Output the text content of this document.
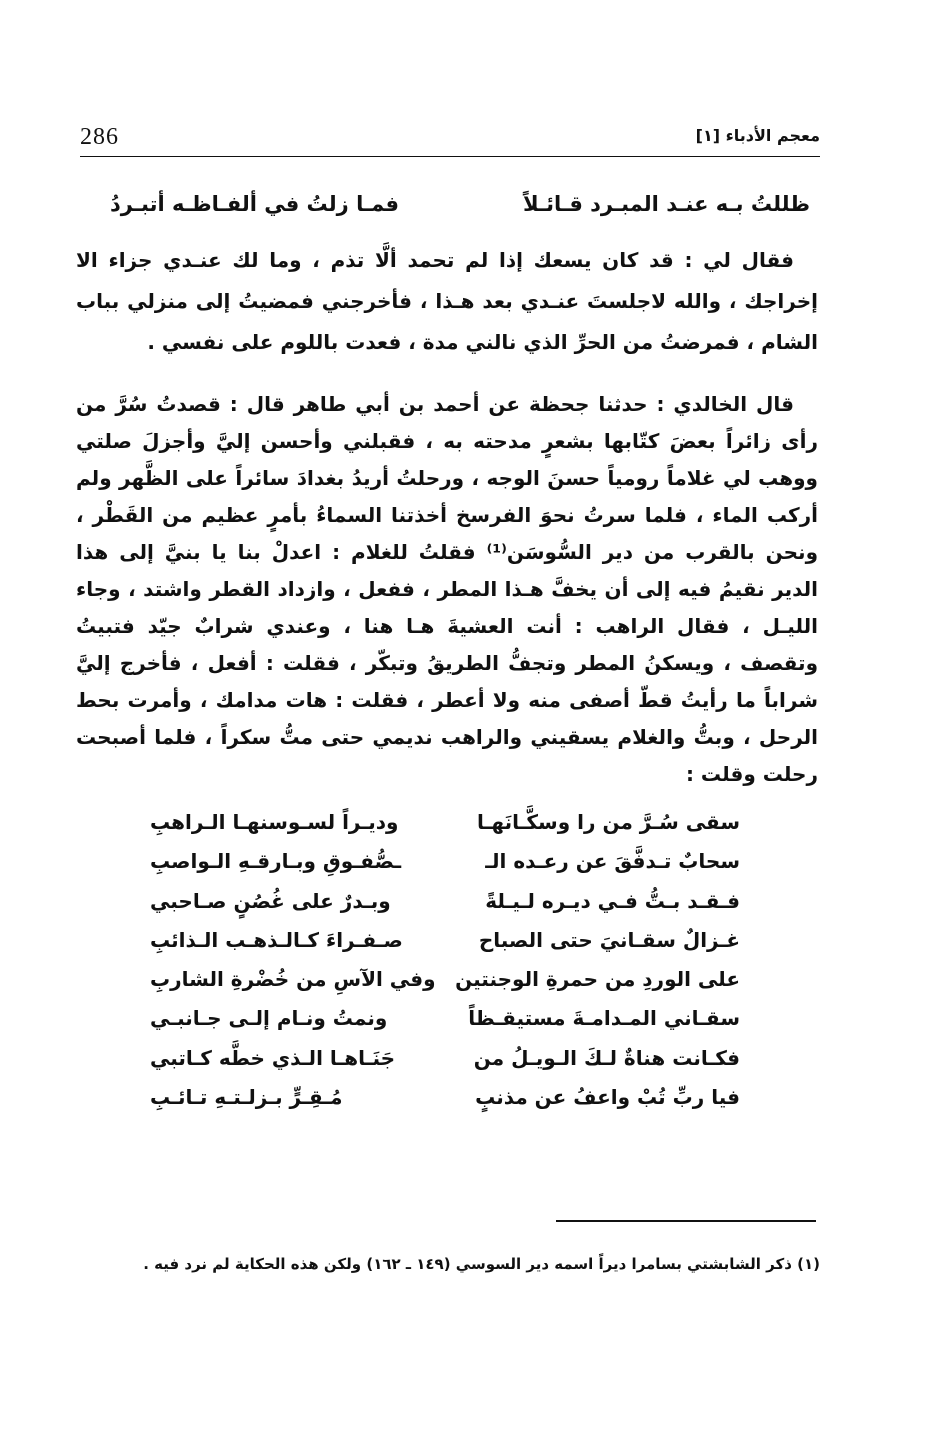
286	معجم الأدباء [١]
ظللتُ بـه عنـد المبـرد قـائـلاً
فمـا زلتُ في ألفـاظـه أتبـردُ

فقال لي : قد كان يسعك إذا لم تحمد ألَّا تذم ، وما لك عنـدي جزاء الا إخراجك ، والله لاجلستَ عنـدي بعد هـذا ، فأخرجني فمضيتُ إلى منزلي بباب الشام ، فمرضتُ من الحرِّ الذي نالني مدة ، فعدت باللوم على نفسي .

قال الخالدي : حدثنا جحظة عن أحمد بن أبي طاهر قال : قصدتُ سُرَّ من رأى زائراً بعضَ كتّابها بشعرٍ مدحته به ، فقبلني وأحسن إليَّ وأجزلَ صلتي ووهب لي غلاماً رومياً حسنَ الوجه ، ورحلتُ أريدُ بغدادَ سائراً على الظَّهر ولم أركب الماء ، فلما سرتُ نحوَ الفرسخ أخذتنا السماءُ بأمرٍ عظيم من القَطْر ، ونحن بالقرب من دير السُّوسَن⁽¹⁾ فقلتُ للغلام : اعدلْ بنا يا بنيَّ إلى هذا الدير نقيمُ فيه إلى أن يخفَّ هـذا المطر ، ففعل ، وازداد القطر واشتد ، وجاء الليـل ، فقال الراهب : أنت العشيةَ هـا هنا ، وعندي شرابٌ جيّد فتبيتُ وتقصف ، ويسكنُ المطر وتجفُّ الطريقُ وتبكّر ، فقلت : أفعل ، فأخرج إليَّ شراباً ما رأيتُ قطّ أصفى منه ولا أعطر ، فقلت : هات مدامك ، وأمرت بحط الرحل ، وبتُّ والغلام يسقيني والراهب نديمي حتى متُّ سكراً ، فلما أصبحت رحلت وقلت :

سقى سُـرَّ من را وسكَّـانَهـا
وديـراً لسـوسنهـا الـراهبِ
سحابٌ تـدفَّقَ عن رعـده الـ
ـصُّفـوقِ وبـارقـهِ الـواصبِ
فـقـد بـتُّ فـي ديـره لـيـلةً
وبـدرٌ على غُصُنٍ صـاحبي
غـزالٌ سقـانيَ حتى الصباح
صـفـراءَ كـالـذهـب الـذائبِ
على الوردِ من حمرةِ الوجنتين
وفي الآسِ من خُضْرةِ الشاربِ
سقـاني المـدامـةَ مستيقـظاً
ونمتُ ونـام إلـى جـانبـي
فكـانت هناةٌ لـكَ الـويـلُ من
جَنَـاهـا الـذي خطَّه كـاتبي
فيا ربِّ تُبْ واعفُ عن مذنبٍ
مُـقِـرٍّ بـزلـتـهِ تـائـبِ
(١) ذكر الشابشتي بسامرا ديراً اسمه دير السوسي (١٤٩ ـ ١٦٢) ولكن هذه الحكاية لم نرد فيه .
